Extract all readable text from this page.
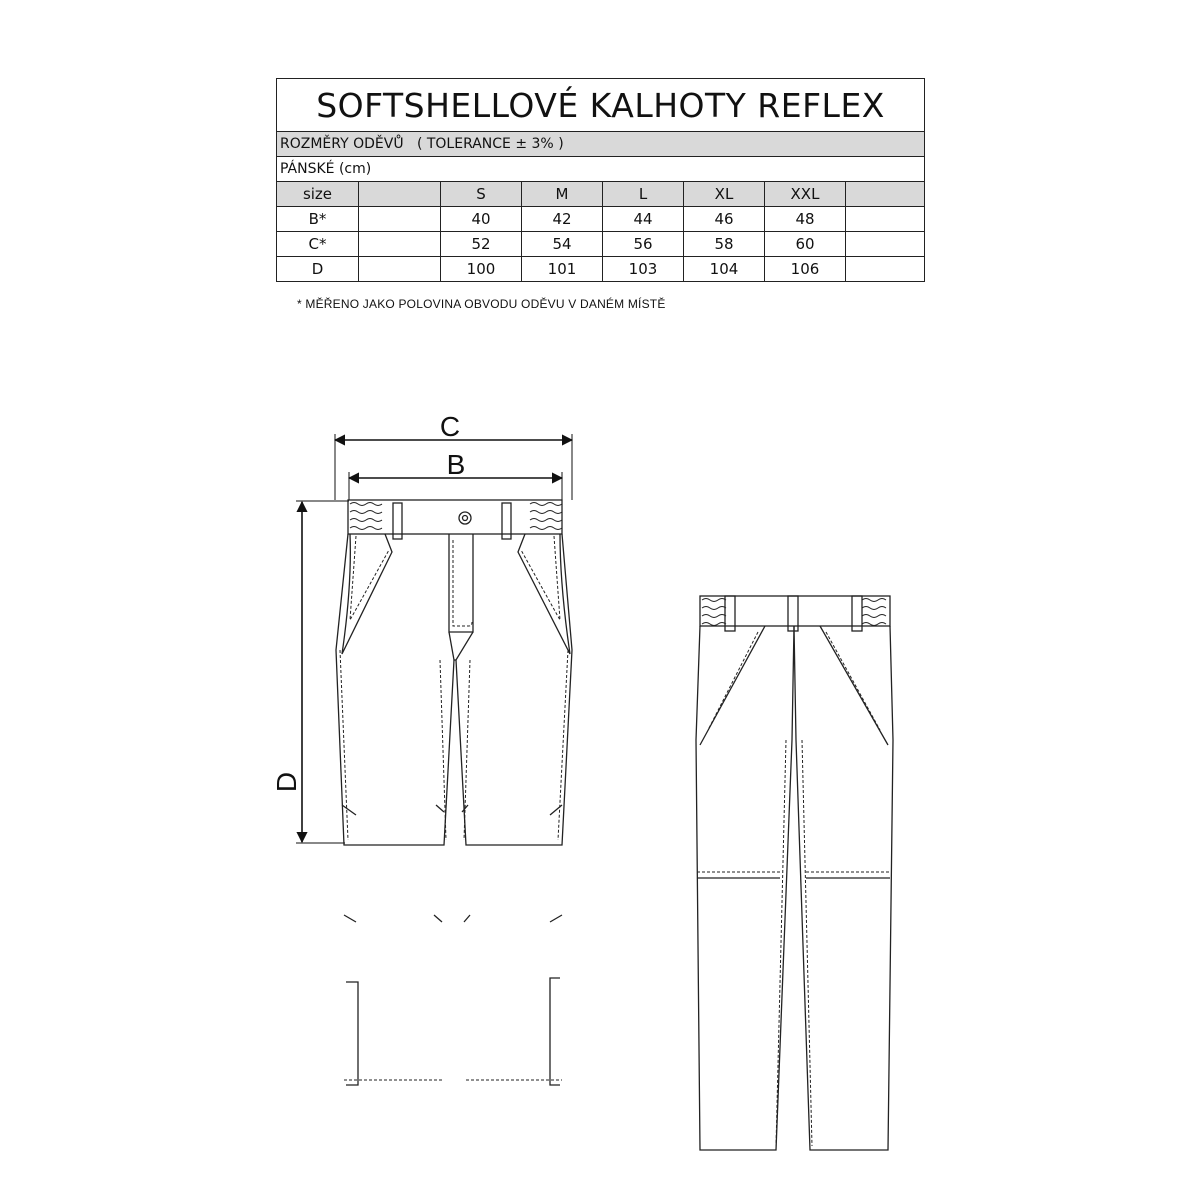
SOFTSHELLOVÉ KALHOTY REFLEX							
ROZMĚRY ODĚVŮ ( TOLERANCE ± 3% )							
PÁNSKÉ (cm)							
size		S	M	L	XL	XXL	
B*		40	42	44	46	48	
C*		52	54	56	58	60	
D		100	101	103	104	106	
* MĚŘENO JAKO POLOVINA OBVODU ODĚVU V DANÉM MÍSTĚ
C
B
D
